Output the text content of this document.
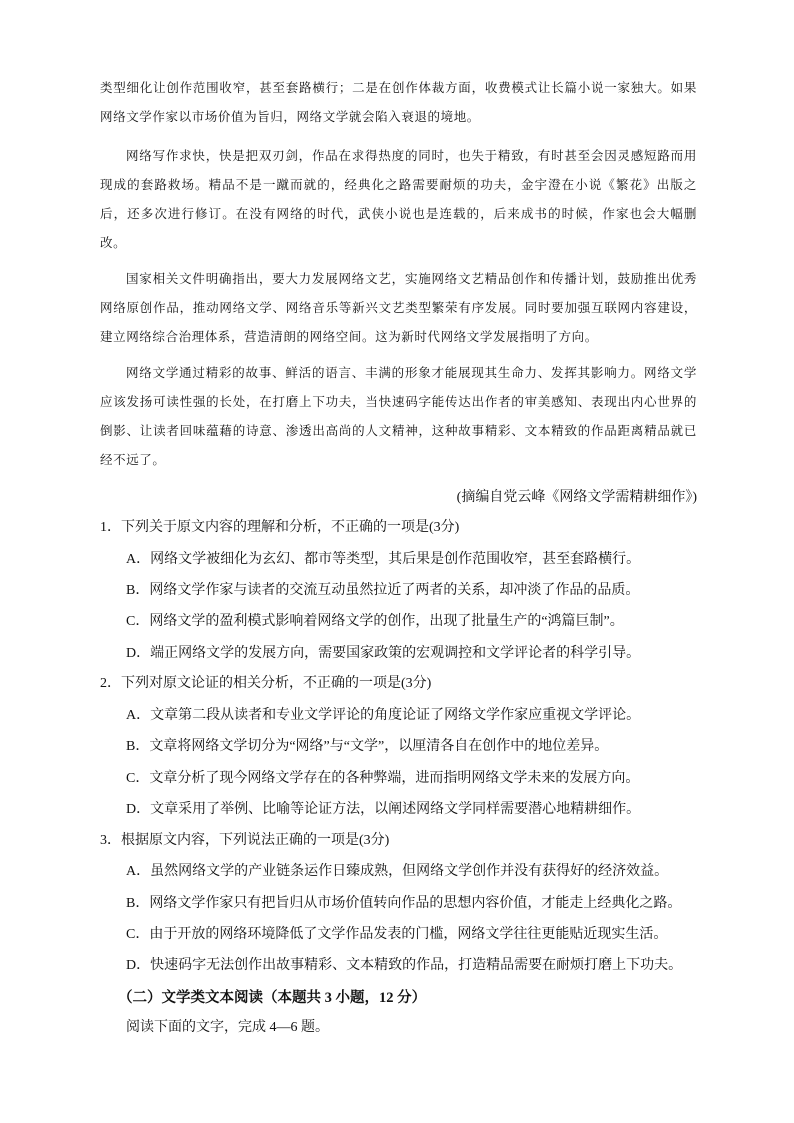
类型细化让创作范围收窄，甚至套路横行；二是在创作体裁方面，收费模式让长篇小说一家独大。如果网络文学作家以市场价值为旨归，网络文学就会陷入衰退的境地。

网络写作求快，快是把双刃剑，作品在求得热度的同时，也失于精致，有时甚至会因灵感短路而用现成的套路救场。精品不是一蹴而就的，经典化之路需要耐烦的功夫，金宇澄在小说《繁花》出版之后，还多次进行修订。在没有网络的时代，武侠小说也是连载的，后来成书的时候，作家也会大幅删改。

国家相关文件明确指出，要大力发展网络文艺，实施网络文艺精品创作和传播计划，鼓励推出优秀网络原创作品，推动网络文学、网络音乐等新兴文艺类型繁荣有序发展。同时要加强互联网内容建设，建立网络综合治理体系，营造清朗的网络空间。这为新时代网络文学发展指明了方向。

网络文学通过精彩的故事、鲜活的语言、丰满的形象才能展现其生命力、发挥其影响力。网络文学应该发扬可读性强的长处，在打磨上下功夫，当快速码字能传达出作者的审美感知、表现出内心世界的倒影、让读者回味蕴藉的诗意、渗透出高尚的人文精神，这种故事精彩、文本精致的作品距离精品就已经不远了。

(摘编自党云峰《网络文学需精耕细作》)

1．下列关于原文内容的理解和分析，不正确的一项是(3分)

A．网络文学被细化为玄幻、都市等类型，其后果是创作范围收窄，甚至套路横行。

B．网络文学作家与读者的交流互动虽然拉近了两者的关系，却冲淡了作品的品质。

C．网络文学的盈利模式影响着网络文学的创作，出现了批量生产的“鸿篇巨制”。

D．端正网络文学的发展方向，需要国家政策的宏观调控和文学评论者的科学引导。

2．下列对原文论证的相关分析，不正确的一项是(3分)

A．文章第二段从读者和专业文学评论的角度论证了网络文学作家应重视文学评论。

B．文章将网络文学切分为“网络”与“文学”，以厘清各自在创作中的地位差异。

C．文章分析了现今网络文学存在的各种弊端，进而指明网络文学未来的发展方向。

D．文章采用了举例、比喻等论证方法，以阐述网络文学同样需要潜心地精耕细作。

3．根据原文内容，下列说法正确的一项是(3分)

A．虽然网络文学的产业链条运作日臻成熟，但网络文学创作并没有获得好的经济效益。

B．网络文学作家只有把旨归从市场价值转向作品的思想内容价值，才能走上经典化之路。

C．由于开放的网络环境降低了文学作品发表的门槛，网络文学往往更能贴近现实生活。

D．快速码字无法创作出故事精彩、文本精致的作品，打造精品需要在耐烦打磨上下功夫。

（二）文学类文本阅读（本题共 3 小题，12 分）

阅读下面的文字，完成 4—6 题。
